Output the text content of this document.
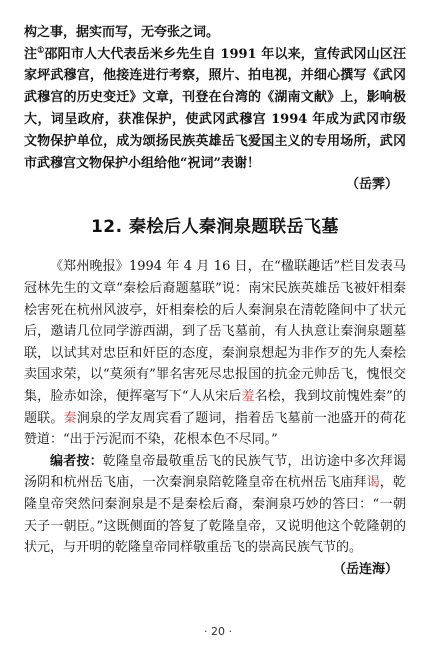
构之事，据实而写，无夸张之词。

注①邵阳市人大代表岳米乡先生自 1991 年以来，宣传武冈山区汪家坪武穆宫，他接连进行考察，照片、拍电视，并细心撰写《武冈武穆宫的历史变迁》文章，刊登在台湾的《湖南文献》上，影响极大，词呈政府，获准保护，使武冈武穆宫 1994 年成为武冈市级文物保护单位，成为颂扬民族英雄岳飞爱国主义的专用场所，武冈市武穆宫文物保护小组给他“祝词”表谢！

（岳霁）
12. 秦桧后人秦涧泉题联岳飞墓

《郑州晚报》1994 年 4 月 16 日，在“楹联趣话”栏目发表马冠林先生的文章“秦桧后裔题墓联”说：南宋民族英雄岳飞被奸相秦桧害死在杭州风波亭，奸相秦桧的后人秦涧泉在清乾隆间中了状元后，邀请几位同学游西湖，到了岳飞墓前，有人执意让秦涧泉题墓联，以试其对忠臣和奸臣的态度，秦涧泉想起为非作歹的先人秦桧卖国求荣，以“莫须有”罪名害死尽忠报国的抗金元帅岳飞，愧恨交集，脸赤如涂，便挥毫写下“人从宋后羞名桧，我到坟前愧姓秦”的题联。秦涧泉的学友周宾看了题词，指着岳飞墓前一池盛开的荷花赞道：“出于污泥而不染，花根本色不尽同。”

编者按：乾隆皇帝最敬重岳飞的民族气节，出访途中多次拜谒汤阴和杭州岳飞庙，一次秦涧泉陪乾隆皇帝在杭州岳飞庙拜谒，乾隆皇帝突然问秦涧泉是不是秦桧后裔，秦涧泉巧妙的答曰：“一朝天子一朝臣。”这既侧面的答复了乾隆皇帝，又说明他这个乾隆朝的状元，与开明的乾隆皇帝同样敬重岳飞的崇高民族气节的。

（岳连海）
· 20 ·
